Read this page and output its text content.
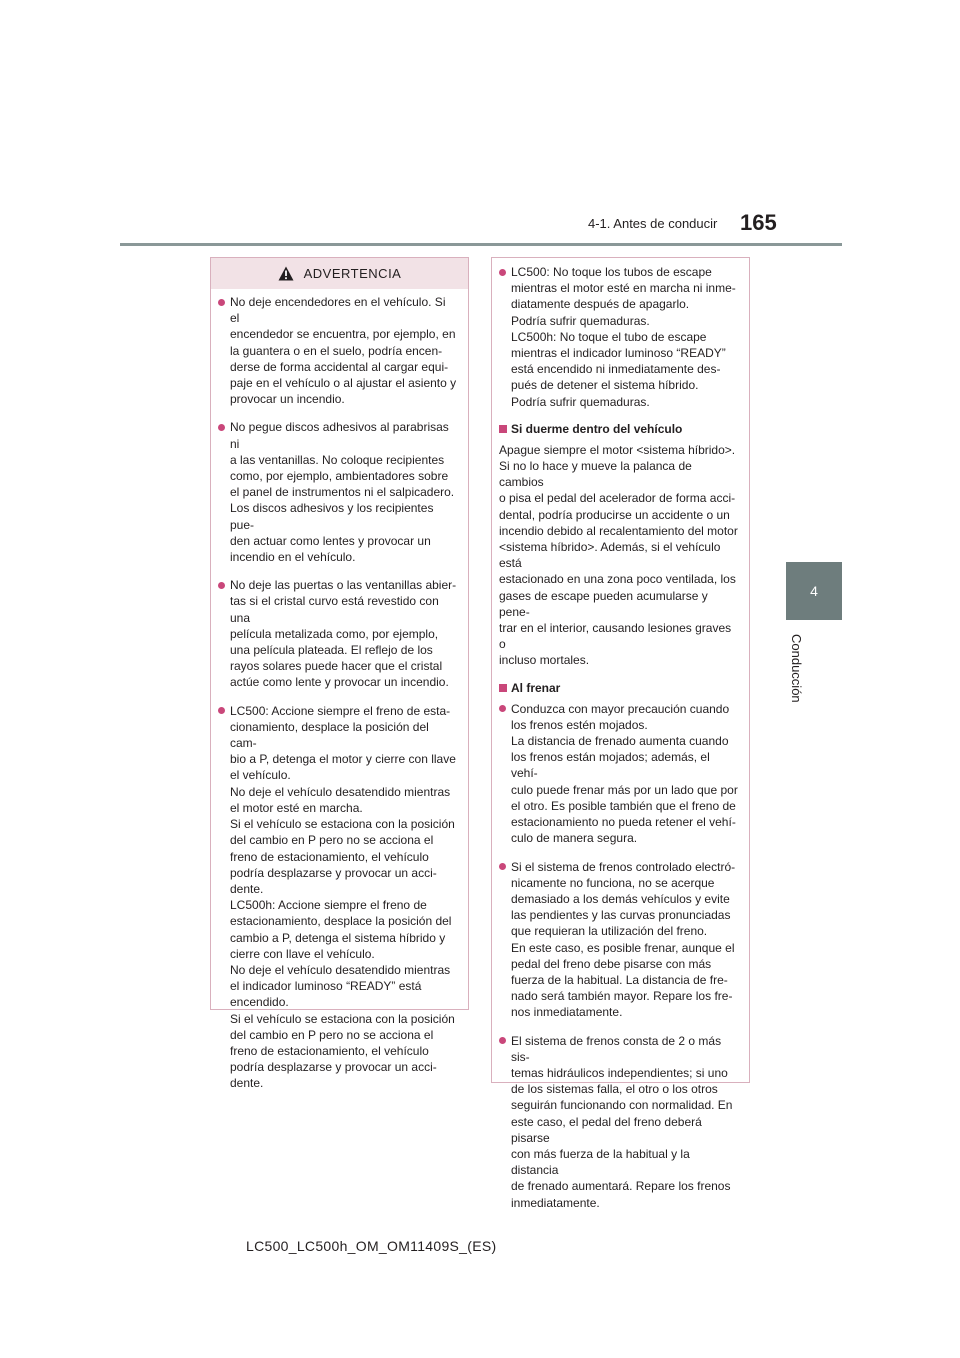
4-1. Antes de conducir 165
4
Conducción
ADVERTENCIA
No deje encendedores en el vehículo. Si el
encendedor se encuentra, por ejemplo, en
la guantera o en el suelo, podría encen-
derse de forma accidental al cargar equi-
paje en el vehículo o al ajustar el asiento y
provocar un incendio.
No pegue discos adhesivos al parabrisas ni
a las ventanillas. No coloque recipientes
como, por ejemplo, ambientadores sobre
el panel de instrumentos ni el salpicadero.
Los discos adhesivos y los recipientes pue-
den actuar como lentes y provocar un
incendio en el vehículo.
No deje las puertas o las ventanillas abier-
tas si el cristal curvo está revestido con una
película metalizada como, por ejemplo,
una película plateada. El reflejo de los
rayos solares puede hacer que el cristal
actúe como lente y provocar un incendio.
LC500: Accione siempre el freno de esta-
cionamiento, desplace la posición del cam-
bio a P, detenga el motor y cierre con llave
el vehículo.
No deje el vehículo desatendido mientras
el motor esté en marcha.
Si el vehículo se estaciona con la posición
del cambio en P pero no se acciona el
freno de estacionamiento, el vehículo
podría desplazarse y provocar un acci-
dente.
LC500h: Accione siempre el freno de
estacionamiento, desplace la posición del
cambio a P, detenga el sistema híbrido y
cierre con llave el vehículo.
No deje el vehículo desatendido mientras
el indicador luminoso “READY” está
encendido.
Si el vehículo se estaciona con la posición
del cambio en P pero no se acciona el
freno de estacionamiento, el vehículo
podría desplazarse y provocar un acci-
dente.
LC500: No toque los tubos de escape
mientras el motor esté en marcha ni inme-
diatamente después de apagarlo.
Podría sufrir quemaduras.
LC500h: No toque el tubo de escape
mientras el indicador luminoso “READY”
está encendido ni inmediatamente des-
pués de detener el sistema híbrido.
Podría sufrir quemaduras.
Si duerme dentro del vehículo
Apague siempre el motor <sistema híbrido>.
Si no lo hace y mueve la palanca de cambios
o pisa el pedal del acelerador de forma acci-
dental, podría producirse un accidente o un
incendio debido al recalentamiento del motor
<sistema híbrido>. Además, si el vehículo está
estacionado en una zona poco ventilada, los
gases de escape pueden acumularse y pene-
trar en el interior, causando lesiones graves o
incluso mortales.
Al frenar
Conduzca con mayor precaución cuando
los frenos estén mojados.
La distancia de frenado aumenta cuando
los frenos están mojados; además, el vehí-
culo puede frenar más por un lado que por
el otro. Es posible también que el freno de
estacionamiento no pueda retener el vehí-
culo de manera segura.
Si el sistema de frenos controlado electró-
nicamente no funciona, no se acerque
demasiado a los demás vehículos y evite
las pendientes y las curvas pronunciadas
que requieran la utilización del freno.
En este caso, es posible frenar, aunque el
pedal del freno debe pisarse con más
fuerza de la habitual. La distancia de fre-
nado será también mayor. Repare los fre-
nos inmediatamente.
El sistema de frenos consta de 2 o más sis-
temas hidráulicos independientes; si uno
de los sistemas falla, el otro o los otros
seguirán funcionando con normalidad. En
este caso, el pedal del freno deberá pisarse
con más fuerza de la habitual y la distancia
de frenado aumentará. Repare los frenos
inmediatamente.
LC500_LC500h_OM_OM11409S_(ES)
